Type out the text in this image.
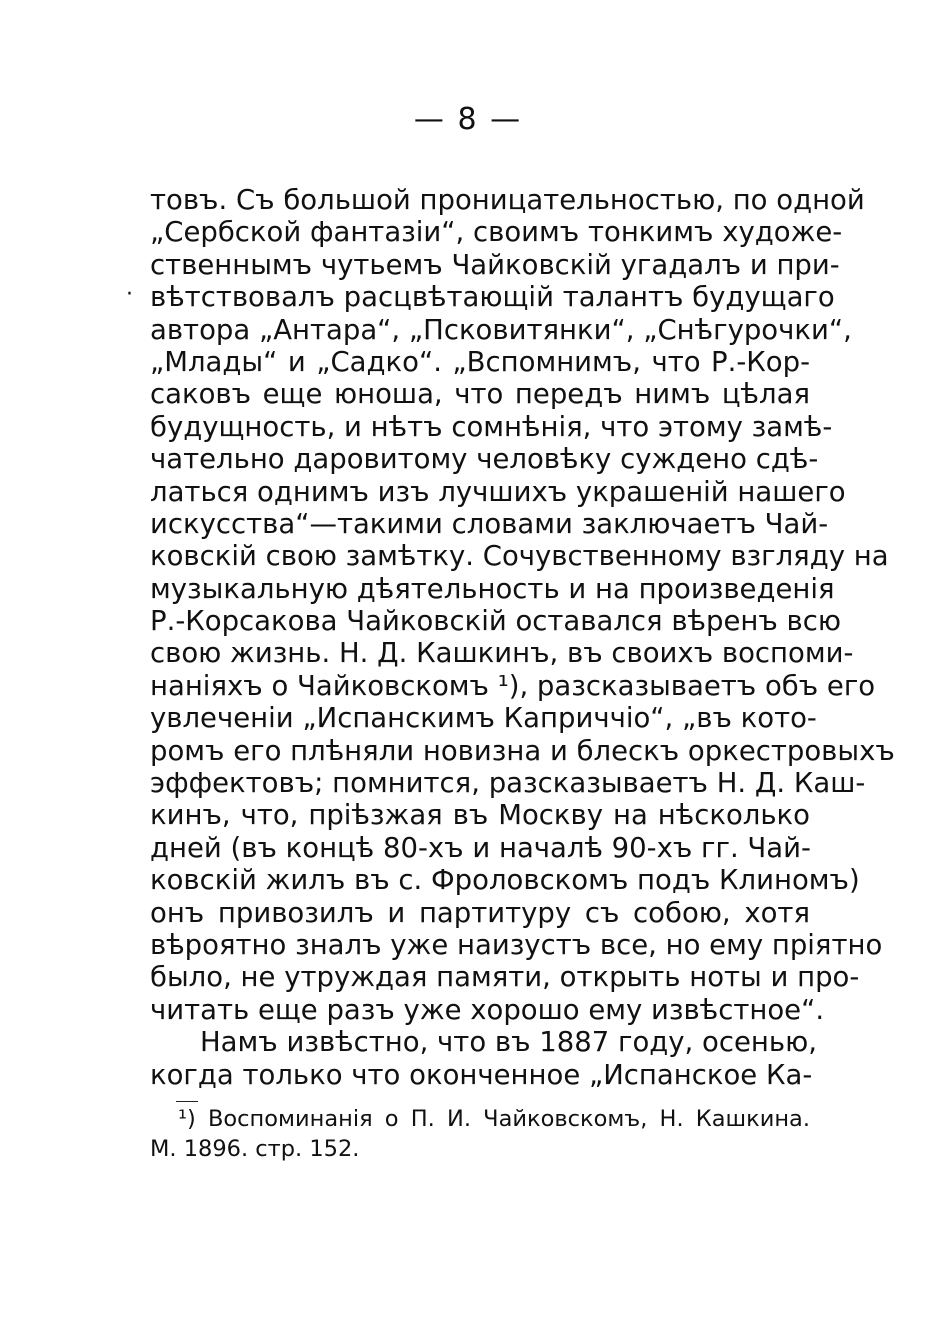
— 8 —
·
товъ. Съ большой проницательностью, по одной
„Сербской фантазіи“, своимъ тонкимъ художе-
ственнымъ чутьемъ Чайковскій угадалъ и при-
вѣтствовалъ расцвѣтающій талантъ будущаго
автора „Антара“, „Псковитянки“, „Снѣгурочки“,
„Млады“ и „Садко“. „Вспомнимъ, что Р.-Кор-
саковъ еще юноша, что передъ нимъ цѣлая
будущность, и нѣтъ сомнѣнія, что этому замѣ-
чательно даровитому человѣку суждено сдѣ-
латься однимъ изъ лучшихъ украшеній нашего
искусства“—такими словами заключаетъ Чай-
ковскій свою замѣтку. Сочувственному взгляду на
музыкальную дѣятельность и на произведенія
Р.-Корсакова Чайковскій оставался вѣренъ всю
свою жизнь. Н. Д. Кашкинъ, въ своихъ воспоми-
наніяхъ о Чайковскомъ ¹), разсказываетъ объ его
увлеченіи „Испанскимъ Каприччіо“, „въ кото-
ромъ его плѣняли новизна и блескъ оркестровыхъ
эффектовъ; помнится, разсказываетъ Н. Д. Каш-
кинъ, что, пріѣзжая въ Москву на нѣсколько
дней (въ концѣ 80-хъ и началѣ 90-хъ гг. Чай-
ковскій жилъ въ с. Фроловскомъ подъ Клиномъ)
онъ привозилъ и партитуру съ собою, хотя
вѣроятно зналъ уже наизустъ все, но ему пріятно
было, не утруждая памяти, открыть ноты и про-
читать еще разъ уже хорошо ему извѣстное“.
Намъ извѣстно, что въ 1887 году, осенью,
когда только что оконченное „Испанское Ка-
¹) Воспоминанія о П. И. Чайковскомъ, Н. Кашкина.
М. 1896. стр. 152.
